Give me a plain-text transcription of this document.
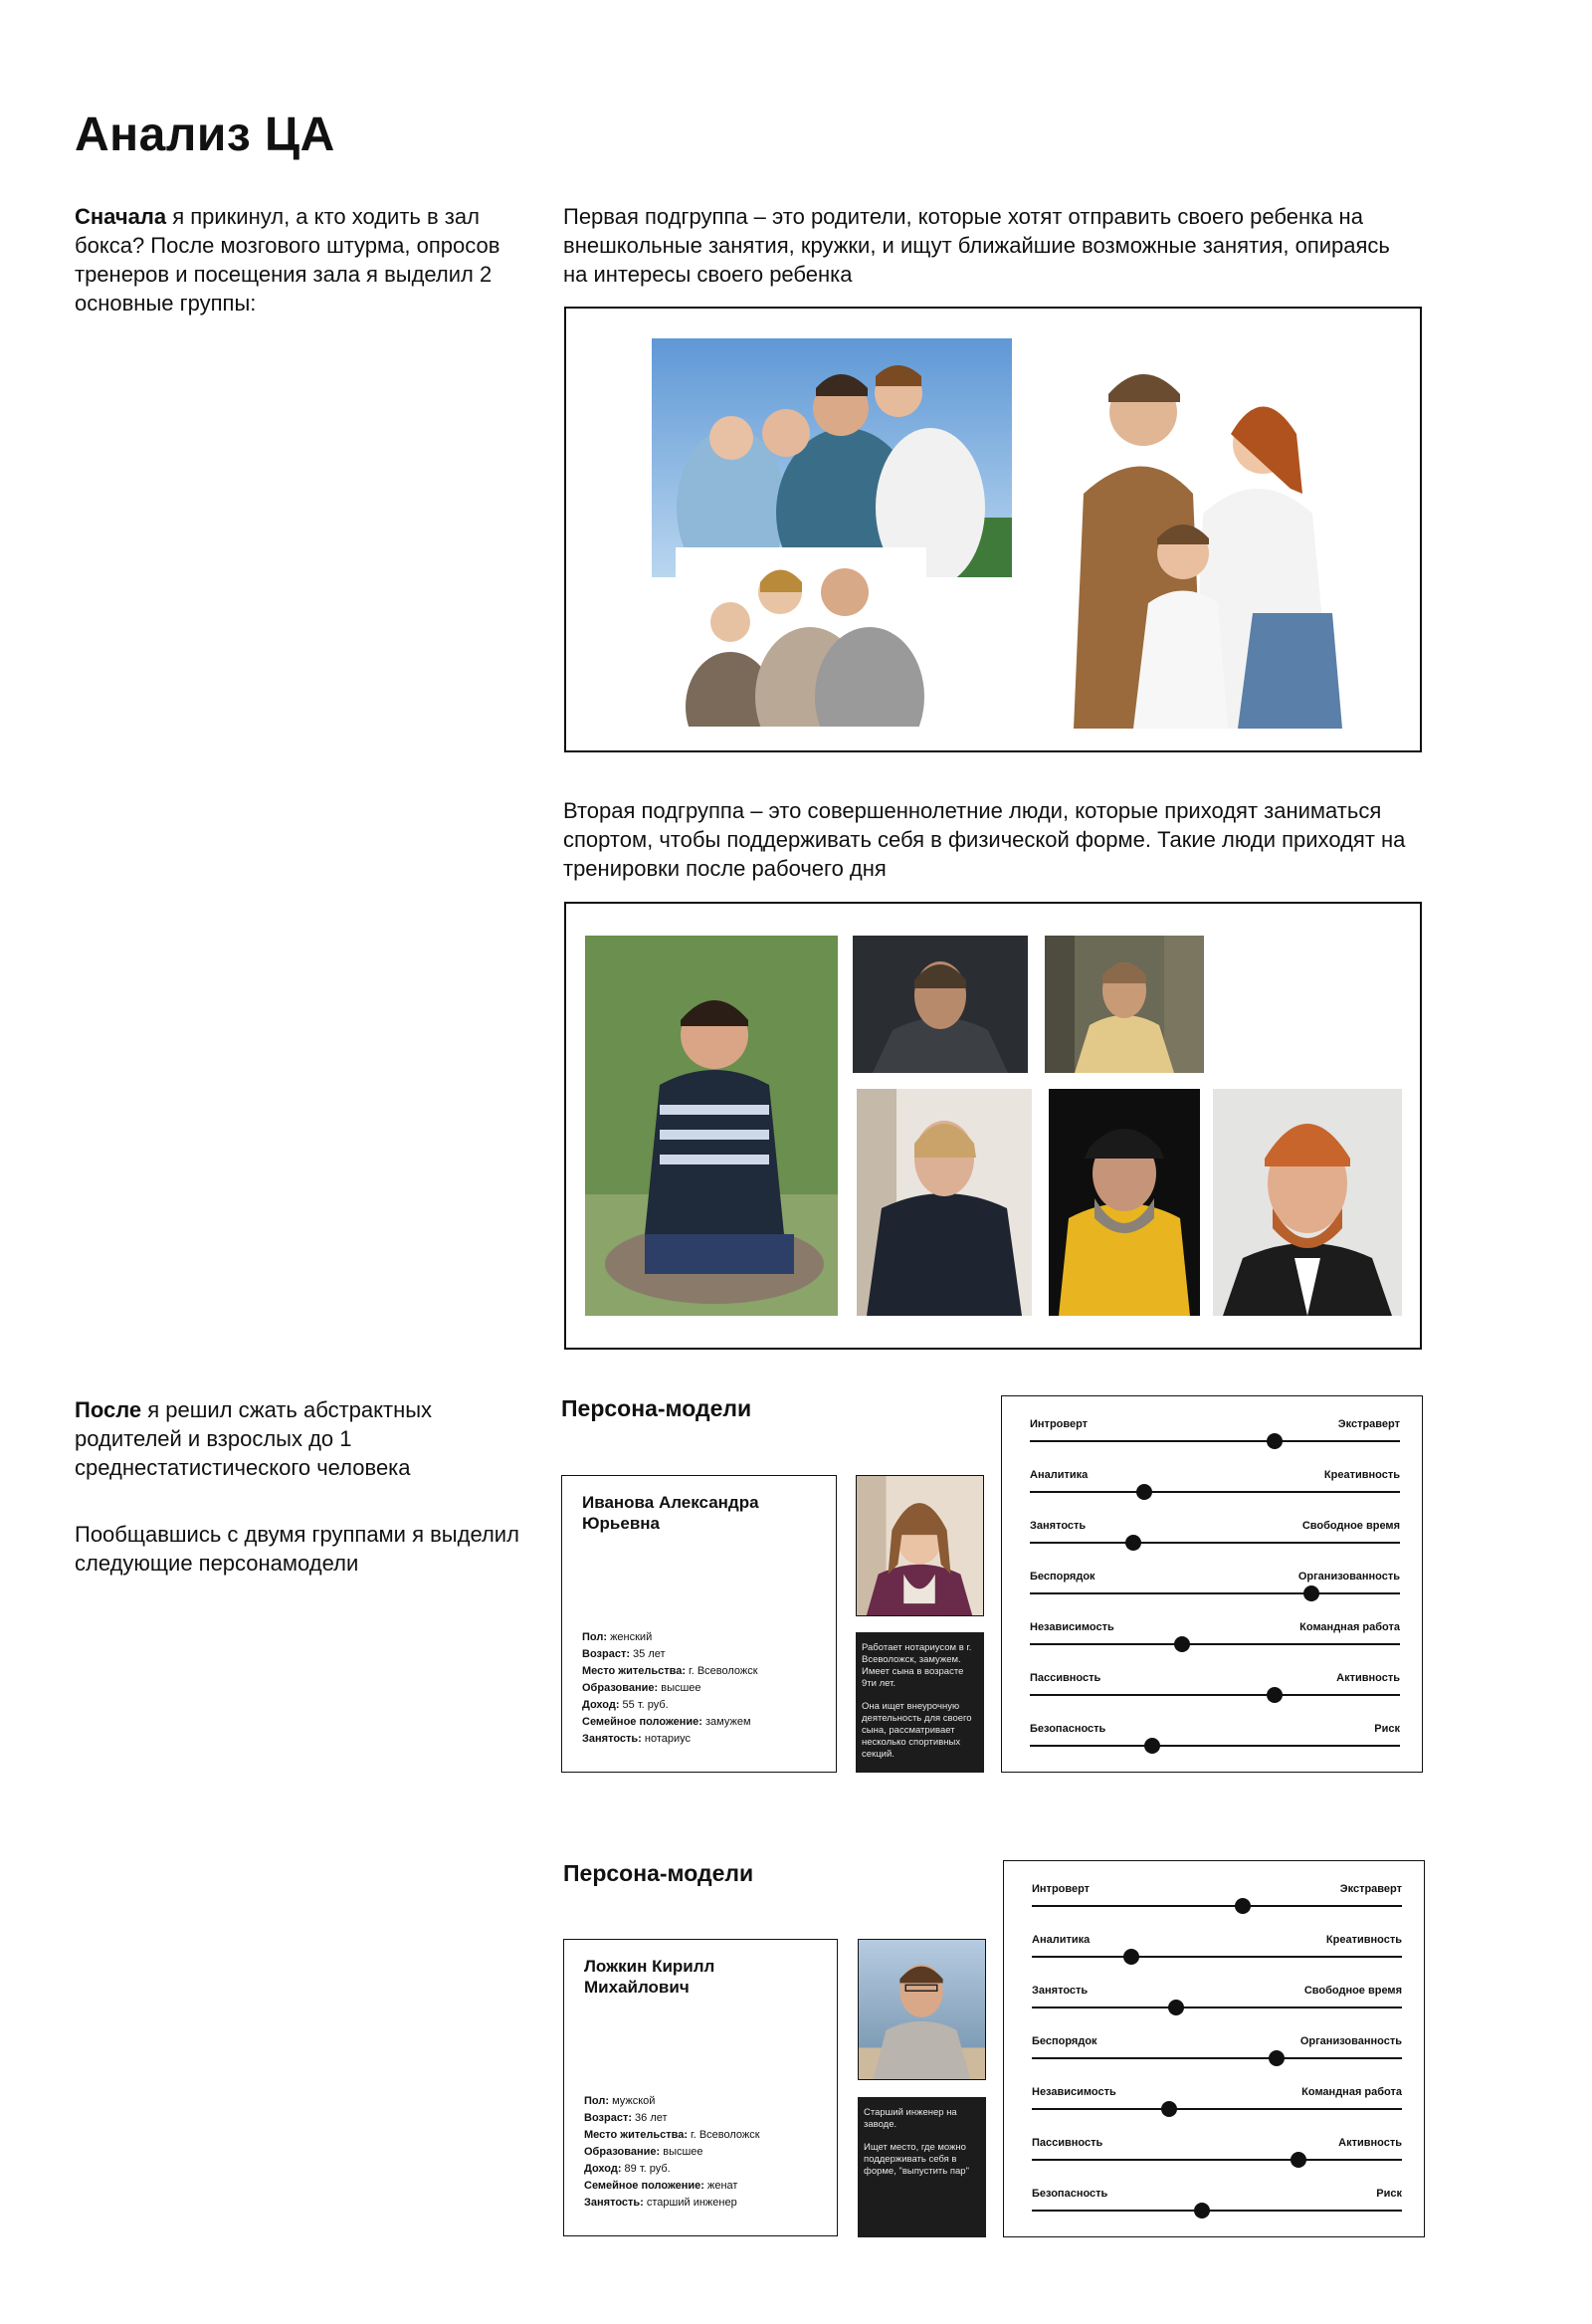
Анализ ЦА

Сначала я прикинул, а кто ходить в зал бокса? После мозгового штурма, опросов тренеров и посещения зала я выделил 2 основные группы:

Первая подгруппа – это родители, которые хотят отправить своего ребенка на внешкольные занятия, кружки, и ищут ближайшие возможные занятия, опираясь на интересы своего ребенка

Вторая подгруппа – это совершеннолетние люди, которые приходят заниматься спортом, чтобы поддерживать себя в физической форме. Такие люди приходят на тренировки после рабочего дня

После я решил сжать абстрактных родителей и взрослых до 1 среднестатистического человека

Пообщавшись с двумя группами я выделил следующие персонамодели

Персона-модели
Иванова Александра Юрьевна
Пол: женский
Возраст: 35 лет
Место жительства: г. Всеволожск
Образование: высшее
Доход: 55 т. руб.
Семейное положение: замужем
Занятость: нотариус

Работает нотариусом в г. Всеволожск, замужем. Имеет сына в возрасте 9ти лет.

Она ищет внеурочную деятельность для своего сына, рассматривает несколько спортивных секций.

Интроверт	Экстраверт
Аналитика	Креативность
Занятость	Свободное время
Беспорядок	Организованность
Независимость	Командная работа
Пассивность	Активность
Безопасность	Риск
Персона-модели
Ложкин Кирилл Михайлович
Пол: мужской
Возраст: 36 лет
Место жительства: г. Всеволожск
Образование: высшее
Доход: 89 т. руб.
Семейное положение: женат
Занятость: старший инженер

Старший инженер на заводе.

Ищет место, где можно поддерживать себя в форме, "выпустить пар"

Интроверт	Экстраверт
Аналитика	Креативность
Занятость	Свободное время
Беспорядок	Организованность
Независимость	Командная работа
Пассивность	Активность
Безопасность	Риск
